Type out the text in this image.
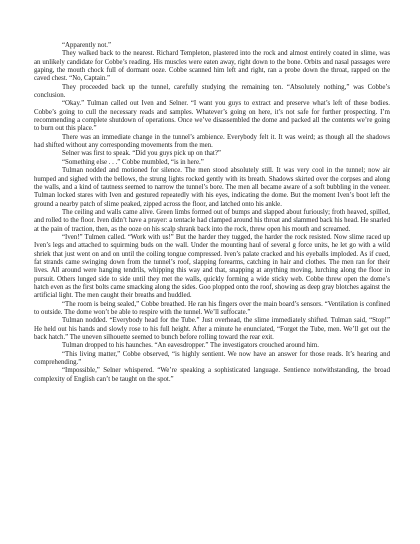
“Apparently not.”

They walked back to the nearest. Richard Templeton, plastered into the rock and almost entirely coated in slime, was an unlikely candidate for Cobbe’s reading. His muscles were eaten away, right down to the bone. Orbits and nasal passages were gaping, the mouth chock full of dormant ooze. Cobbe scanned him left and right, ran a probe down the throat, rapped on the caved chest. “No, Captain.”

They proceeded back up the tunnel, carefully studying the remaining ten. “Absolutely nothing,” was Cobbe’s conclusion.

“Okay.” Tulman called out Iven and Selner. “I want you guys to extract and preserve what’s left of these bodies. Cobbe’s going to cull the necessary reads and samples. Whatever’s going on here, it’s not safe for further prospecting. I’m recommending a complete shutdown of operations. Once we’ve disassembled the dome and packed all the contents we’re going to burn out this place.”

There was an immediate change in the tunnel’s ambience. Everybody felt it. It was weird; as though all the shadows had shifted without any corresponding movements from the men.

Selner was first to speak. “Did you guys pick up on that?”

“Something else . . .” Cobbe mumbled, “is in here.”

Tulman nodded and motioned for silence. The men stood absolutely still. It was very cool in the tunnel; now air humped and sighed with the bellows, the strung lights rocked gently with its breath. Shadows skirted over the corpses and along the walls, and a kind of tautness seemed to narrow the tunnel’s bore. The men all became aware of a soft bubbling in the veneer. Tulman locked stares with Iven and gestured repeatedly with his eyes, indicating the dome. But the moment Iven’s boot left the ground a nearby patch of slime peaked, zipped across the floor, and latched onto his ankle.

The ceiling and walls came alive. Green limbs formed out of bumps and slapped about furiously; froth heaved, spilled, and rolled to the floor. Iven didn’t have a prayer: a tentacle had clamped around his throat and slammed back his head. He snarled at the pain of traction, then, as the ooze on his scalp shrank back into the rock, threw open his mouth and screamed.

“Iven!” Tulmen called. “Work with us!” But the harder they tugged, the harder the rock resisted. Now slime raced up Iven’s legs and attached to squirming buds on the wall. Under the mounting haul of several g force units, he let go with a wild shriek that just went on and on until the coiling tongue compressed. Iven’s palate cracked and his eyeballs imploded. As if cued, fat strands came swinging down from the tunnel’s roof, slapping forearms, catching in hair and clothes. The men ran for their lives. All around were hanging tendrils, whipping this way and that, snapping at anything moving, lurching along the floor in pursuit. Others lunged side to side until they met the walls, quickly forming a wide sticky web. Cobbe threw open the dome’s hatch even as the first bolts came smacking along the sides. Goo plopped onto the roof, showing as deep gray blotches against the artificial light. The men caught their breaths and huddled.

“The room is being sealed,” Cobbe breathed. He ran his fingers over the main board’s sensors. “Ventilation is confined to outside. The dome won’t be able to respire with the tunnel. We’ll suffocate.”

Tulman nodded. “Everybody head for the Tube.” Just overhead, the slime immediately shifted. Tulman said, “Stop!” He held out his hands and slowly rose to his full height. After a minute he enunciated, “Forget the Tube, men. We’ll get out the back hatch.” The uneven silhouette seemed to bunch before rolling toward the rear exit.

Tulman dropped to his haunches. “An eavesdropper.” The investigators crouched around him.

“This living matter,” Cobbe observed, “is highly sentient. We now have an answer for those reads. It’s hearing and comprehending.”

“Impossible,” Selner whispered. “We’re speaking a sophisticated language. Sentience notwithstanding, the broad complexity of English can’t be taught on the spot.”
